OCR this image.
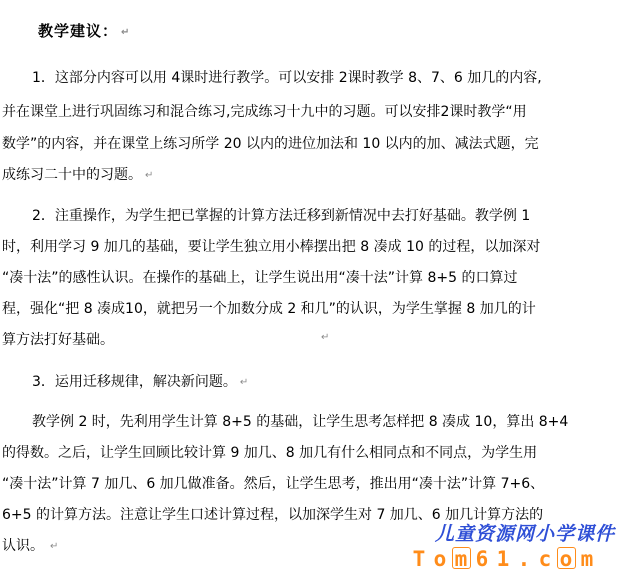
教学建议： ↵
1．这部分内容可以用 4课时进行教学。可以安排 2课时教学 8、7、6 加几的内容,
并在课堂上进行巩固练习和混合练习,完成练习十九中的习题。可以安排2课时教学“用
数学”的内容，并在课堂上练习所学 20 以内的进位加法和 10 以内的加、减法式题，完
成练习二十中的习题。 ↵
2．注重操作，为学生把已掌握的计算方法迁移到新情况中去打好基础。教学例 1
时，利用学习 9 加几的基础，要让学生独立用小棒摆出把 8 凑成 10 的过程，以加深对
“凑十法”的感性认识。在操作的基础上，让学生说出用“凑十法”计算 8+5 的口算过
程，强化“把 8 凑成10，就把另一个加数分成 2 和几”的认识，为学生掌握 8 加几的计
算方法打好基础。	↵
3．运用迁移规律，解决新问题。 ↵
教学例 2 时，先利用学生计算 8+5 的基础，让学生思考怎样把 8 凑成 10，算出 8+4
的得数。之后，让学生回顾比较计算 9 加几、8 加几有什么相同点和不同点，为学生用
“凑十法”计算 7 加几、6 加几做准备。然后，让学生思考，推出用“凑十法”计算 7+6、
6+5 的计算方法。注意让学生口述计算过程，以加深学生对 7 加几、6 加几计算方法的
认识。 ↵
儿童资源网小学课件
T o m 6 1 . c o m
